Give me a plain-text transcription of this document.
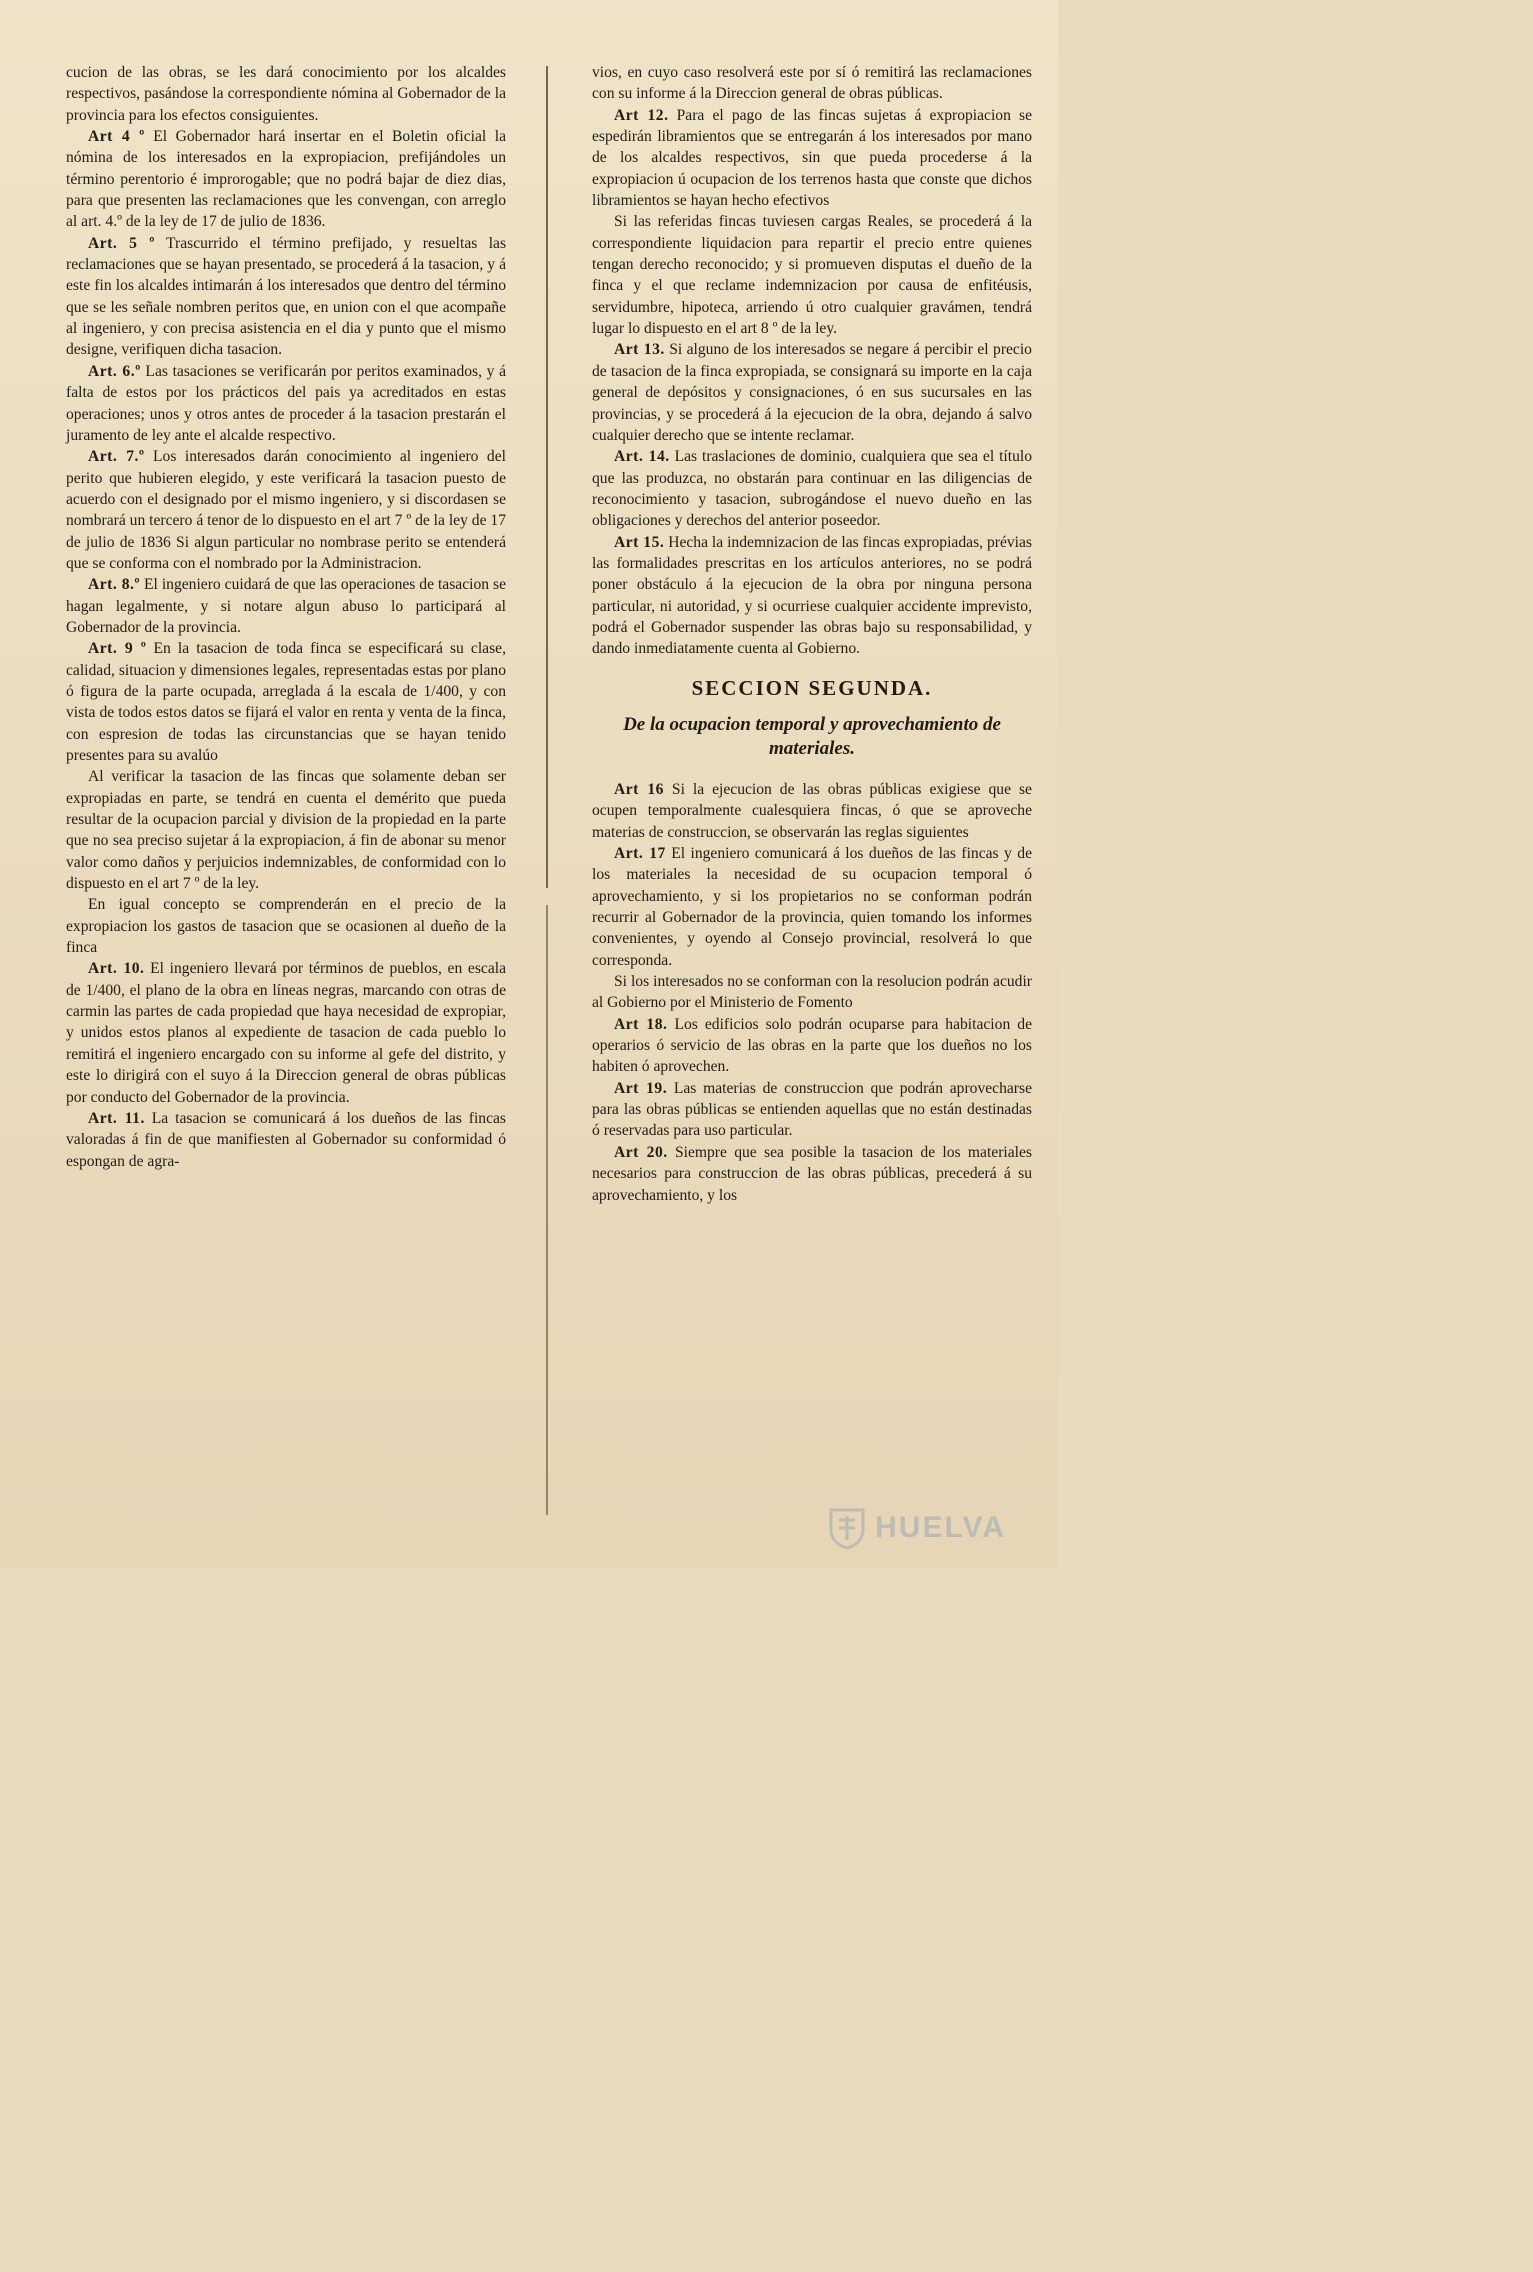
cucion de las obras, se les dará conocimiento por los alcaldes respectivos, pasándose la correspondiente nómina al Gobernador de la provincia para los efectos consiguientes.

Art 4 º El Gobernador hará insertar en el Boletin oficial la nómina de los interesados en la expropiacion, prefijándoles un término perentorio é improrogable; que no podrá bajar de diez dias, para que presenten las reclamaciones que les convengan, con arreglo al art. 4.º de la ley de 17 de julio de 1836.

Art. 5 º Trascurrido el término prefijado, y resueltas las reclamaciones que se hayan presentado, se procederá á la tasacion, y á este fin los alcaldes intimarán á los interesados que dentro del término que se les señale nombren peritos que, en union con el que acompañe al ingeniero, y con precisa asistencia en el dia y punto que el mismo designe, verifiquen dicha tasacion.

Art. 6.º Las tasaciones se verificarán por peritos examinados, y á falta de estos por los prácticos del pais ya acreditados en estas operaciones; unos y otros antes de proceder á la tasacion prestarán el juramento de ley ante el alcalde respectivo.

Art. 7.º Los interesados darán conocimiento al ingeniero del perito que hubieren elegido, y este verificará la tasacion puesto de acuerdo con el designado por el mismo ingeniero, y si discordasen se nombrará un tercero á tenor de lo dispuesto en el art 7 º de la ley de 17 de julio de 1836 Si algun particular no nombrase perito se entenderá que se conforma con el nombrado por la Administracion.

Art. 8.º El ingeniero cuidará de que las operaciones de tasacion se hagan legalmente, y si notare algun abuso lo participará al Gobernador de la provincia.

Art. 9 º En la tasacion de toda finca se especificará su clase, calidad, situacion y dimensiones legales, representadas estas por plano ó figura de la parte ocupada, arreglada á la escala de 1/400, y con vista de todos estos datos se fijará el valor en renta y venta de la finca, con espresion de todas las circunstancias que se hayan tenido presentes para su avalúo

Al verificar la tasacion de las fincas que solamente deban ser expropiadas en parte, se tendrá en cuenta el demérito que pueda resultar de la ocupacion parcial y division de la propiedad en la parte que no sea preciso sujetar á la expropiacion, á fin de abonar su menor valor como daños y perjuicios indemnizables, de conformidad con lo dispuesto en el art 7 º de la ley.

En igual concepto se comprenderán en el precio de la expropiacion los gastos de tasacion que se ocasionen al dueño de la finca

Art. 10. El ingeniero llevará por términos de pueblos, en escala de 1/400, el plano de la obra en líneas negras, marcando con otras de carmin las partes de cada propiedad que haya necesidad de expropiar, y unidos estos planos al expediente de tasacion de cada pueblo lo remitirá el ingeniero encargado con su informe al gefe del distrito, y este lo dirigirá con el suyo á la Direccion general de obras públicas por conducto del Gobernador de la provincia.

Art. 11. La tasacion se comunicará á los dueños de las fincas valoradas á fin de que manifiesten al Gobernador su conformidad ó espongan de agra-

vios, en cuyo caso resolverá este por sí ó remitirá las reclamaciones con su informe á la Direccion general de obras públicas.

Art 12. Para el pago de las fincas sujetas á expropiacion se espedirán libramientos que se entregarán á los interesados por mano de los alcaldes respectivos, sin que pueda procederse á la expropiacion ú ocupacion de los terrenos hasta que conste que dichos libramientos se hayan hecho efectivos

Si las referidas fincas tuviesen cargas Reales, se procederá á la correspondiente liquidacion para repartir el precio entre quienes tengan derecho reconocido; y si promueven disputas el dueño de la finca y el que reclame indemnizacion por causa de enfitéusis, servidumbre, hipoteca, arriendo ú otro cualquier gravámen, tendrá lugar lo dispuesto en el art 8 º de la ley.

Art 13. Si alguno de los interesados se negare á percibir el precio de tasacion de la finca expropiada, se consignará su importe en la caja general de depósitos y consignaciones, ó en sus sucursales en las provincias, y se procederá á la ejecucion de la obra, dejando á salvo cualquier derecho que se intente reclamar.

Art. 14. Las traslaciones de dominio, cualquiera que sea el título que las produzca, no obstarán para continuar en las diligencias de reconocimiento y tasacion, subrogándose el nuevo dueño en las obligaciones y derechos del anterior poseedor.

Art 15. Hecha la indemnizacion de las fincas expropiadas, prévias las formalidades prescritas en los artículos anteriores, no se podrá poner obstáculo á la ejecucion de la obra por ninguna persona particular, ni autoridad, y si ocurriese cualquier accidente imprevisto, podrá el Gobernador suspender las obras bajo su responsabilidad, y dando inmediatamente cuenta al Gobierno.

SECCION SEGUNDA.
De la ocupacion temporal y aprovechamiento de materiales.

Art 16 Si la ejecucion de las obras públicas exigiese que se ocupen temporalmente cualesquiera fincas, ó que se aproveche materias de construccion, se observarán las reglas siguientes

Art. 17 El ingeniero comunicará á los dueños de las fincas y de los materiales la necesidad de su ocupacion temporal ó aprovechamiento, y si los propietarios no se conforman podrán recurrir al Gobernador de la provincia, quien tomando los informes convenientes, y oyendo al Consejo provincial, resolverá lo que corresponda.

Si los interesados no se conforman con la resolucion podrán acudir al Gobierno por el Ministerio de Fomento

Art 18. Los edificios solo podrán ocuparse para habitacion de operarios ó servicio de las obras en la parte que los dueños no los habiten ó aprovechen.

Art 19. Las materias de construccion que podrán aprovecharse para las obras públicas se entienden aquellas que no están destinadas ó reservadas para uso particular.

Art 20. Siempre que sea posible la tasacion de los materiales necesarios para construccion de las obras públicas, precederá á su aprovechamiento, y los

HUELVA
